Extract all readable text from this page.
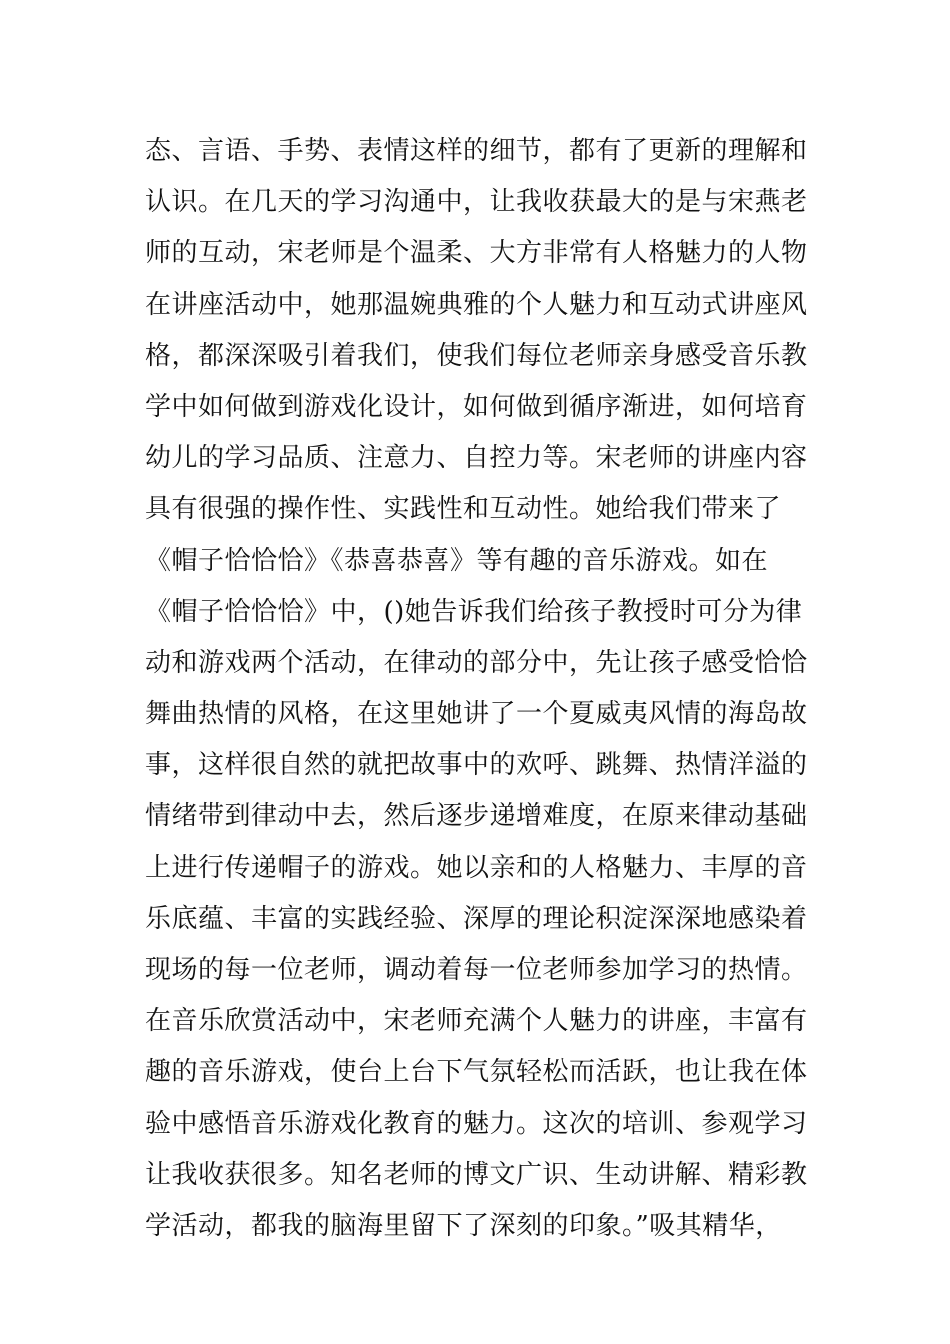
态、言语、手势、表情这样的细节，都有了更新的理解和
认识。在几天的学习沟通中，让我收获最大的是与宋燕老
师的互动，宋老师是个温柔、大方非常有人格魅力的人物
在讲座活动中，她那温婉典雅的个人魅力和互动式讲座风
格，都深深吸引着我们，使我们每位老师亲身感受音乐教
学中如何做到游戏化设计，如何做到循序渐进，如何培育
幼儿的学习品质、注意力、自控力等。宋老师的讲座内容
具有很强的操作性、实践性和互动性。她给我们带来了
《帽子恰恰恰》《恭喜恭喜》等有趣的音乐游戏。如在
《帽子恰恰恰》中，()她告诉我们给孩子教授时可分为律
动和游戏两个活动，在律动的部分中，先让孩子感受恰恰
舞曲热情的风格，在这里她讲了一个夏威夷风情的海岛故
事，这样很自然的就把故事中的欢呼、跳舞、热情洋溢的
情绪带到律动中去，然后逐步递增难度，在原来律动基础
上进行传递帽子的游戏。她以亲和的人格魅力、丰厚的音
乐底蕴、丰富的实践经验、深厚的理论积淀深深地感染着
现场的每一位老师，调动着每一位老师参加学习的热情。
在音乐欣赏活动中，宋老师充满个人魅力的讲座，丰富有
趣的音乐游戏，使台上台下气氛轻松而活跃，也让我在体
验中感悟音乐游戏化教育的魅力。这次的培训、参观学习
让我收获很多。知名老师的博文广识、生动讲解、精彩教
学活动，都我的脑海里留下了深刻的印象。”吸其精华，
